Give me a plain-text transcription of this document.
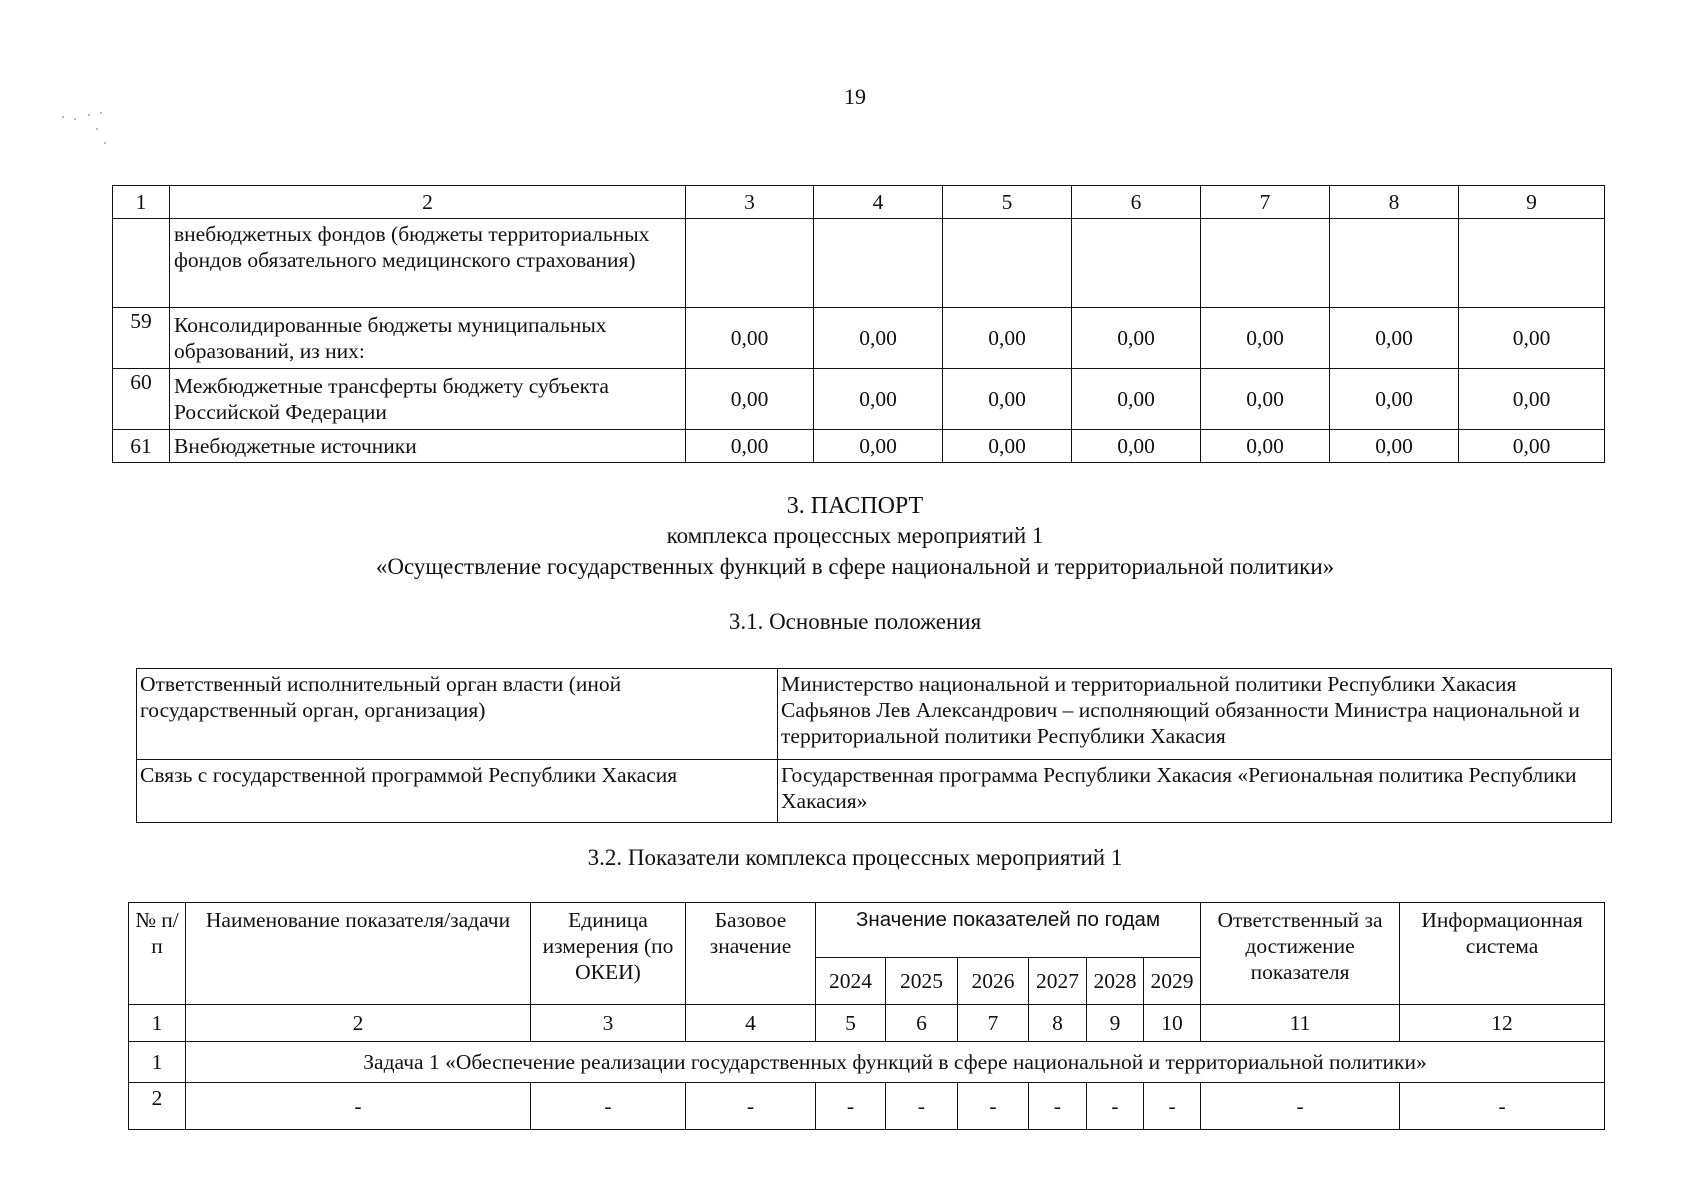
19
1	2	3	4	5	6	7	8	9
	внебюджетных фондов (бюджеты территориальных фондов обязательного медицинского страхования)							
59	Консолидированные бюджеты муниципальных образований, из них:	0,00	0,00	0,00	0,00	0,00	0,00	0,00
60	Межбюджетные трансферты бюджету субъекта Российской Федерации	0,00	0,00	0,00	0,00	0,00	0,00	0,00
61	Внебюджетные источники	0,00	0,00	0,00	0,00	0,00	0,00	0,00
3. ПАСПОРТ
комплекса процессных мероприятий 1
«Осуществление государственных функций в сфере национальной и территориальной политики»
3.1. Основные положения
Ответственный исполнительный орган власти (иной государственный орган, организация)	Министерство национальной и территориальной политики Республики Хакасия Сафьянов Лев Александрович – исполняющий обязанности Министра национальной и территориальной политики Республики Хакасия
Связь с государственной программой Республики Хакасия	Государственная программа Республики Хакасия «Региональная политика Республики Хакасия»
3.2. Показатели комплекса процессных мероприятий 1
№ п/п	Наименование показателя/задачи	Единица измерения (по ОКЕИ)	Базовое значение	Значение показателей по годам						Ответственный за достижение показателя	Информационная система
				2024	2025	2026	2027	2028	2029		
1	2	3	4	5	6	7	8	9	10	11	12
1	Задача 1 «Обеспечение реализации государственных функций в сфере национальной и территориальной политики»										
2	-	-	-	-	-	-	-	-	-	-	-
